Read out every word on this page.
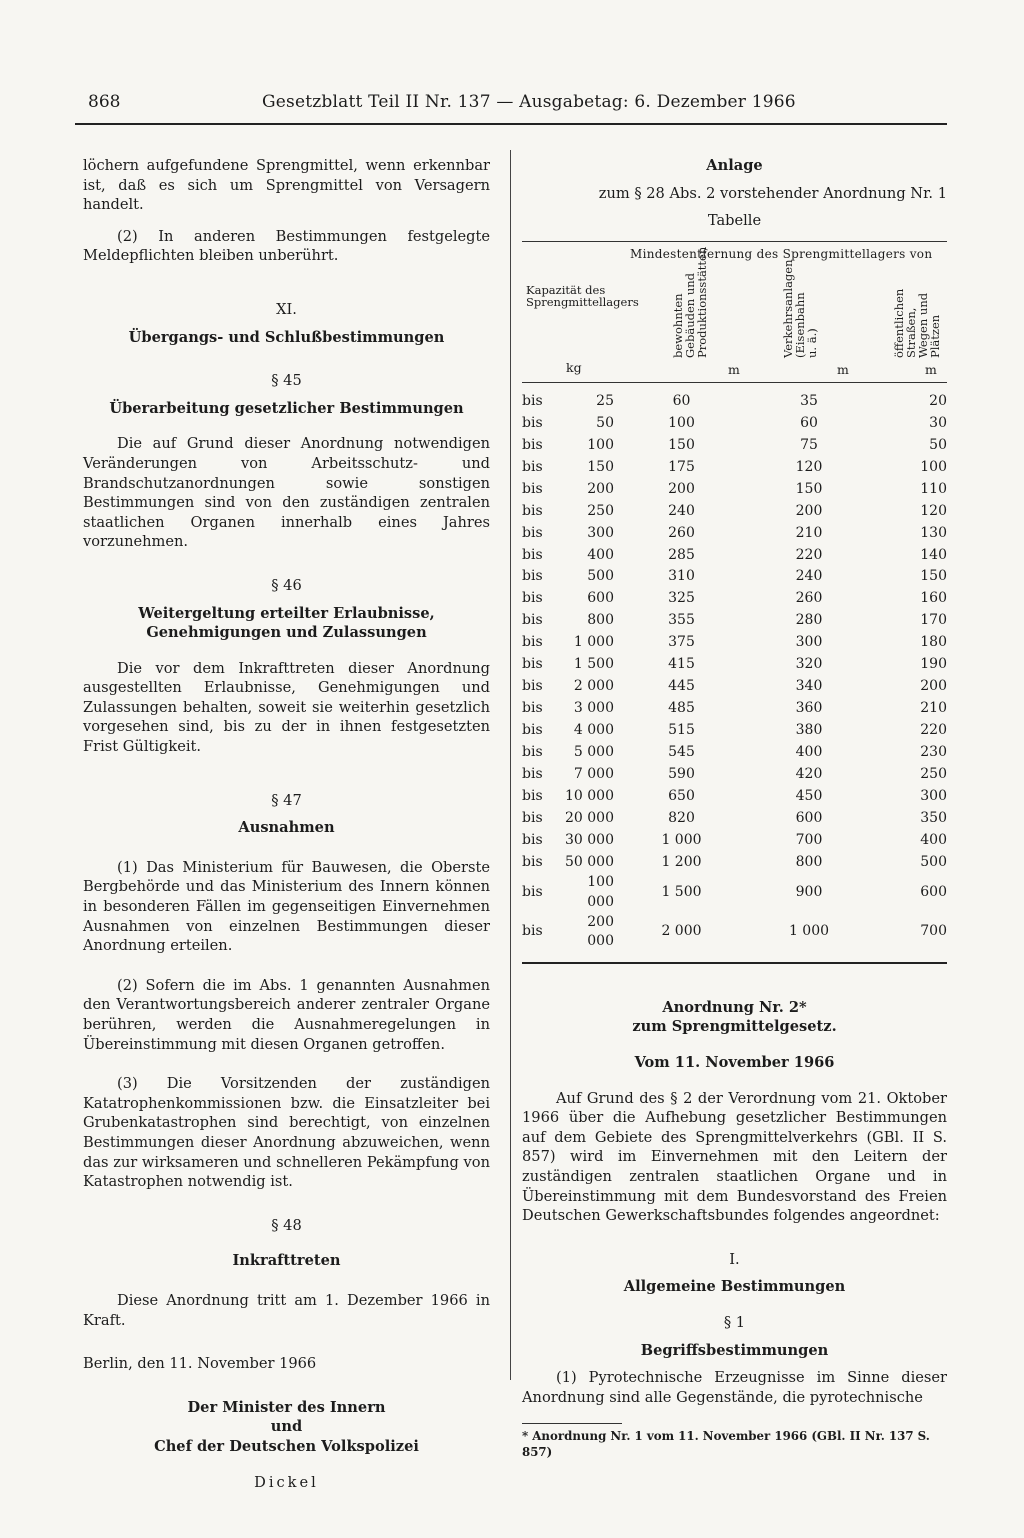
868	Gesetzblatt Teil II Nr. 137 — Ausgabetag: 6. Dezember 1966

löchern aufgefundene Sprengmittel, wenn erkennbar ist, daß es sich um Sprengmittel von Versagern handelt.

(2) In anderen Bestimmungen festgelegte Meldepflichten bleiben unberührt.

XI.
Übergangs- und Schlußbestimmungen
§ 45
Überarbeitung gesetzlicher Bestimmungen

Die auf Grund dieser Anordnung notwendigen Veränderungen von Arbeitsschutz- und Brandschutzanordnungen sowie sonstigen Bestimmungen sind von den zuständigen zentralen staatlichen Organen innerhalb eines Jahres vorzunehmen.

§ 46
Weitergeltung erteilter Erlaubnisse, Genehmigungen und Zulassungen

Die vor dem Inkrafttreten dieser Anordnung ausgestellten Erlaubnisse, Genehmigungen und Zulassungen behalten, soweit sie weiterhin gesetzlich vorgesehen sind, bis zu der in ihnen festgesetzten Frist Gültigkeit.

§ 47
Ausnahmen

(1) Das Ministerium für Bauwesen, die Oberste Bergbehörde und das Ministerium des Innern können in besonderen Fällen im gegenseitigen Einvernehmen Ausnahmen von einzelnen Bestimmungen dieser Anordnung erteilen.

(2) Sofern die im Abs. 1 genannten Ausnahmen den Verantwortungsbereich anderer zentraler Organe berühren, werden die Ausnahmeregelungen in Übereinstimmung mit diesen Organen getroffen.

(3) Die Vorsitzenden der zuständigen Katatrophenkommissionen bzw. die Einsatzleiter bei Grubenkatastrophen sind berechtigt, von einzelnen Bestimmungen dieser Anordnung abzuweichen, wenn das zur wirksameren und schnelleren Pekämpfung von Katastrophen notwendig ist.

§ 48
Inkrafttreten

Diese Anordnung tritt am 1. Dezember 1966 in Kraft.

Berlin, den 11. November 1966

Der Minister des Innern
und
Chef der Deutschen Volkspolizei
Dickel
Anlage
zum § 28 Abs. 2 vorstehender Anordnung Nr. 1
Tabelle
Mindestentfernung des Sprengmittellagers von
Kapazität des Sprengmittellagers
kg
bewohnten Gebäuden und Produktionsstätten	Verkehrsanlagen (Eisenbahn u. ä.)	öffentlichen Straßen, Wegen und Plätzen
m	m	m
bis	25	60	35	20
bis	50	100	60	30
bis	100	150	75	50
bis	150	175	120	100
bis	200	200	150	110
bis	250	240	200	120
bis	300	260	210	130
bis	400	285	220	140
bis	500	310	240	150
bis	600	325	260	160
bis	800	355	280	170
bis	1 000	375	300	180
bis	1 500	415	320	190
bis	2 000	445	340	200
bis	3 000	485	360	210
bis	4 000	515	380	220
bis	5 000	545	400	230
bis	7 000	590	420	250
bis	10 000	650	450	300
bis	20 000	820	600	350
bis	30 000	1 000	700	400
bis	50 000	1 200	800	500
bis	100 000	1 500	900	600
bis	200 000	2 000	1 000	700
Anordnung Nr. 2*
zum Sprengmittelgesetz.
Vom 11. November 1966

Auf Grund des § 2 der Verordnung vom 21. Oktober 1966 über die Aufhebung gesetzlicher Bestimmungen auf dem Gebiete des Sprengmittelverkehrs (GBl. II S. 857) wird im Einvernehmen mit den Leitern der zuständigen zentralen staatlichen Organe und in Übereinstimmung mit dem Bundesvorstand des Freien Deutschen Gewerkschaftsbundes folgendes angeordnet:

I.
Allgemeine Bestimmungen
§ 1
Begriffsbestimmungen

(1) Pyrotechnische Erzeugnisse im Sinne dieser Anordnung sind alle Gegenstände, die pyrotechnische

* Anordnung Nr. 1 vom 11. November 1966 (GBl. II Nr. 137 S. 857)
